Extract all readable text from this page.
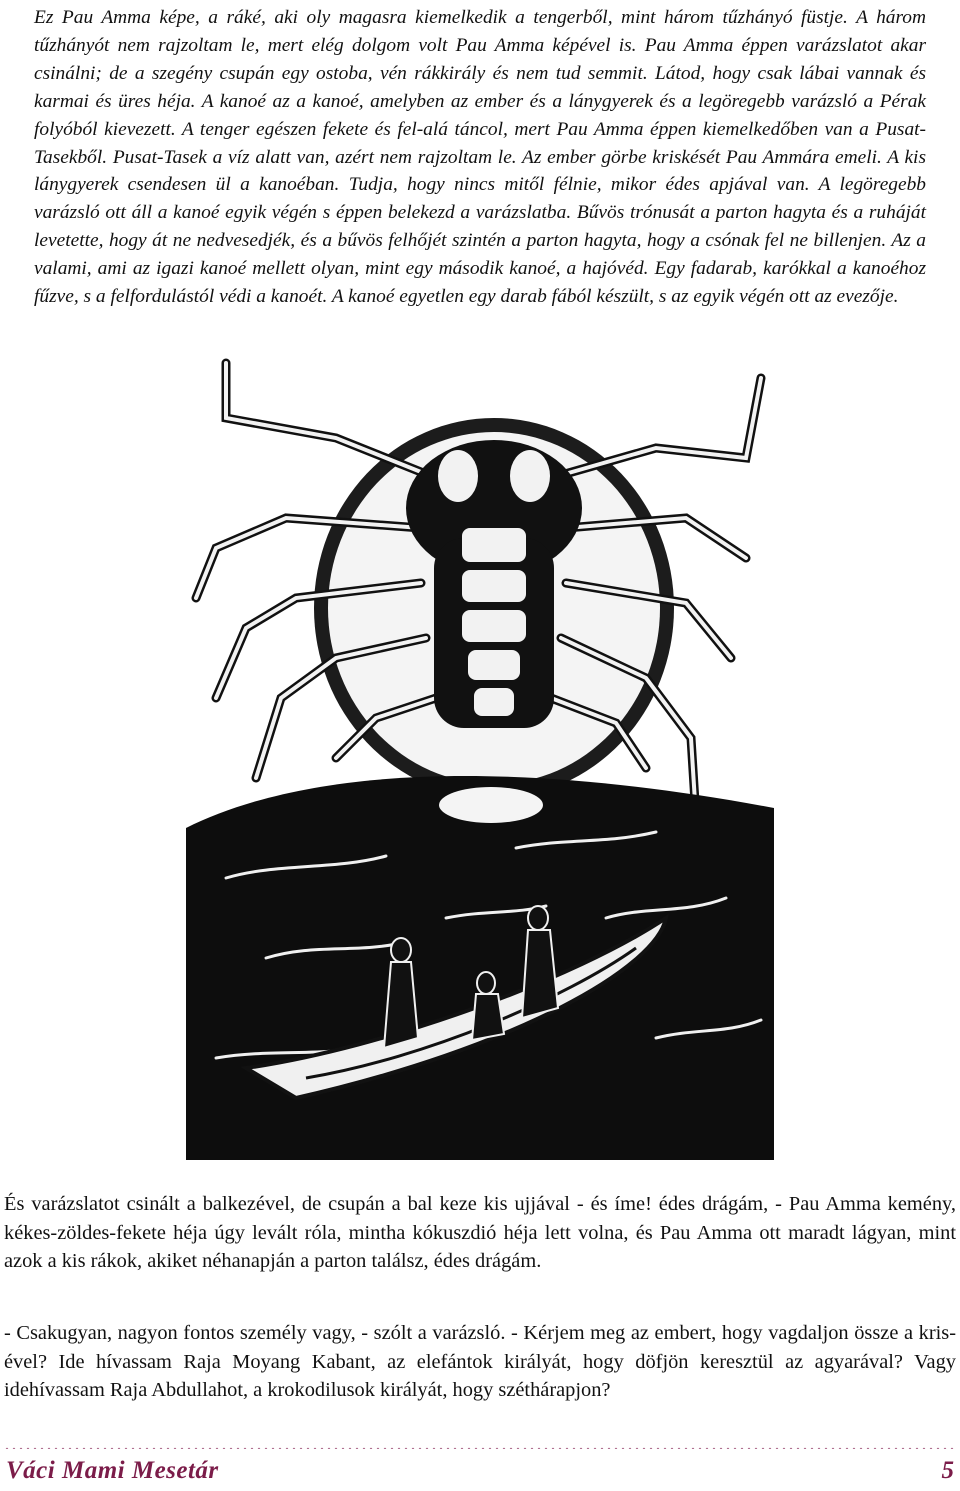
Ez Pau Amma képe, a ráké, aki oly magasra kiemelkedik a tengerből, mint három tűzhányó füstje. A három tűzhányót nem rajzoltam le, mert elég dolgom volt Pau Amma képével is. Pau Amma éppen varázslatot akar csinálni; de a szegény csupán egy ostoba, vén rákkirály és nem tud semmit. Látod, hogy csak lábai vannak és karmai és üres héja. A kanoé az a kanoé, amelyben az ember és a lánygyerek és a legöregebb varázsló a Pérak folyóból kievezett. A tenger egészen fekete és fel-alá táncol, mert Pau Amma éppen kiemelkedőben van a Pusat-Tasekből. Pusat-Tasek a víz alatt van, azért nem rajzoltam le. Az ember görbe kriskését Pau Ammára emeli. A kis lánygyerek csendesen ül a kanoéban. Tudja, hogy nincs mitől félnie, mikor édes apjával van. A legöregebb varázsló ott áll a kanoé egyik végén s éppen belekezd a varázslatba. Bűvös trónusát a parton hagyta és a ruháját levetette, hogy át ne nedvesedjék, és a bűvös felhőjét szintén a parton hagyta, hogy a csónak fel ne billenjen. Az a valami, ami az igazi kanoé mellett olyan, mint egy második kanoé, a hajóvéd. Egy fadarab, karókkal a kanoéhoz fűzve, s a felfordulástól védi a kanoét. A kanoé egyetlen egy darab fából készült, s az egyik végén ott az evezője.

És varázslatot csinált a balkezével, de csupán a bal keze kis ujjával - és íme! édes drágám, - Pau Amma kemény, kékes-zöldes-fekete héja úgy levált róla, mintha kókuszdió héja lett volna, és Pau Amma ott maradt lágyan, mint azok a kis rákok, akiket néhanapján a parton találsz, édes drágám.

- Csakugyan, nagyon fontos személy vagy, - szólt a varázsló. - Kérjem meg az embert, hogy vagdaljon össze a kris-ével? Ide hívassam Raja Moyang Kabant, az elefántok királyát, hogy döfjön keresztül az agyarával? Vagy idehívassam Raja Abdullahot, a krokodilusok királyát, hogy széthárapjon?

Váci Mami Mesetár	5
